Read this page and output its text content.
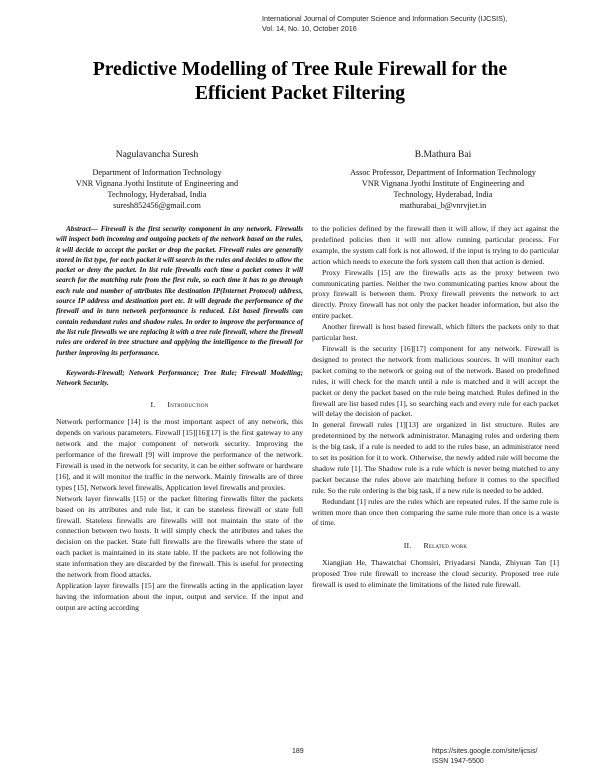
International Journal of Computer Science and Information Security (IJCSIS),
Vol. 14, No. 10, October 2016
Predictive Modelling of Tree Rule Firewall for the
Efficient Packet Filtering
Nagulavancha Suresh
Department of Information Technology
VNR Vignana Jyothi Institute of Engineering and
Technology, Hyderabad, India
suresh852456@gmail.com
B.Mathura Bai
Assoc Professor, Department of Information Technology
VNR Vignana Jyothi Institute of Engineering and
Technology, Hyderabad, India
mathurabai_b@vnrvjiet.in

Abstract— Firewall is the first security component in any network. Firewalls will inspect both incoming and outgoing packets of the network based on the rules, it will decide to accept the packet or drop the packet. Firewall rules are generally stored in list type, for each packet it will search in the rules and decides to allow the packet or deny the packet. In list rule firewalls each time a packet comes it will search for the matching rule from the first rule, so each time it has to go through each rule and number of attributes like destination IP(Internet Protocol) address, source IP address and destination port etc. It will degrade the performance of the firewall and in turn network performance is reduced. List based firewalls can contain redundant rules and shadow rules. In order to improve the performance of the list rule firewalls we are replacing it with a tree rule firewall, where the firewall rules are ordered in tree structure and applying the intelligence to the firewall for further improving its performance.

Keywords-Firewall; Network Performance; Tree Rule; Firewall Modelling; Network Security.

I. Introduction

Network performance [14] is the most important aspect of any network, this depends on various parameters. Firewall [15][16][17] is the first gateway to any network and the major component of network security. Improving the performance of the firewall [9] will improve the performance of the network. Firewall is used in the network for security, it can be either software or hardware [16], and it will monitor the traffic in the network. Mainly firewalls are of three types [15], Network level firewalls, Application level firewalls and proxies.

Network layer firewalls [15] or the packet filtering firewalls filter the packets based on its attributes and rule list, it can be stateless firewall or state full firewall. Stateless firewalls are firewalls will not maintain the state of the connection between two hosts. It will simply check the attributes and takes the decision on the packet. State full firewalls are the firewalls where the state of each packet is maintained in its state table. If the packets are not following the state information they are discarded by the firewall. This is useful for protecting the network from flood attacks.

Application layer firewalls [15] are the firewalls acting in the application layer having the information about the input, output and service. If the input and output are acting according

to the policies defined by the firewall then it will allow, if they act against the predefined policies then it will not allow running particular process. For example, the system call fork is not allowed, if the input is trying to do particular action which needs to execute the fork system call then that action is denied.

Proxy Firewalls [15] are the firewalls acts as the proxy between two communicating parties. Neither the two communicating parties know about the proxy firewall is between them. Proxy firewall prevents the network to act directly. Proxy firewall has not only the packet header information, but also the entire packet.

Another firewall is host based firewall, which filters the packets only to that particular host.

Firewall is the security [16][17] component for any network. Firewall is designed to protect the network from malicious sources. It will monitor each packet coming to the network or going out of the network. Based on predefined rules, it will check for the match until a rule is matched and it will accept the packet or deny the packet based on the rule being matched. Rules defined in the firewall are list based rules [1], so searching each and every rule for each packet will delay the decision of packet.

In general firewall rules [1][13] are organized in list structure. Rules are predetermined by the network administrator. Managing rules and ordering them is the big task, if a rule is needed to add to the rules base, an administrator need to set its position for it to work. Otherwise, the newly added rule will become the shadow rule [1]. The Shadow rule is a rule which is never being matched to any packet because the rules above are matching before it comes to the specified rule. So the rule ordering is the big task, if a new rule is needed to be added.

Redundant [1] rules are the rules which are repeated rules. If the same rule is written more than once then comparing the same rule more than once is a waste of time.

II. Related work

Xiangjian He, Thawatchai Chomsiri, Priyadarsi Nanda, Zhiyuan Tan [1] proposed Tree rule firewall to increase the cloud security. Proposed tree rule firewall is used to eliminate the limitations of the listed rule firewall.

189	https://sites.google.com/site/ijcsis/
ISSN 1947-5500
